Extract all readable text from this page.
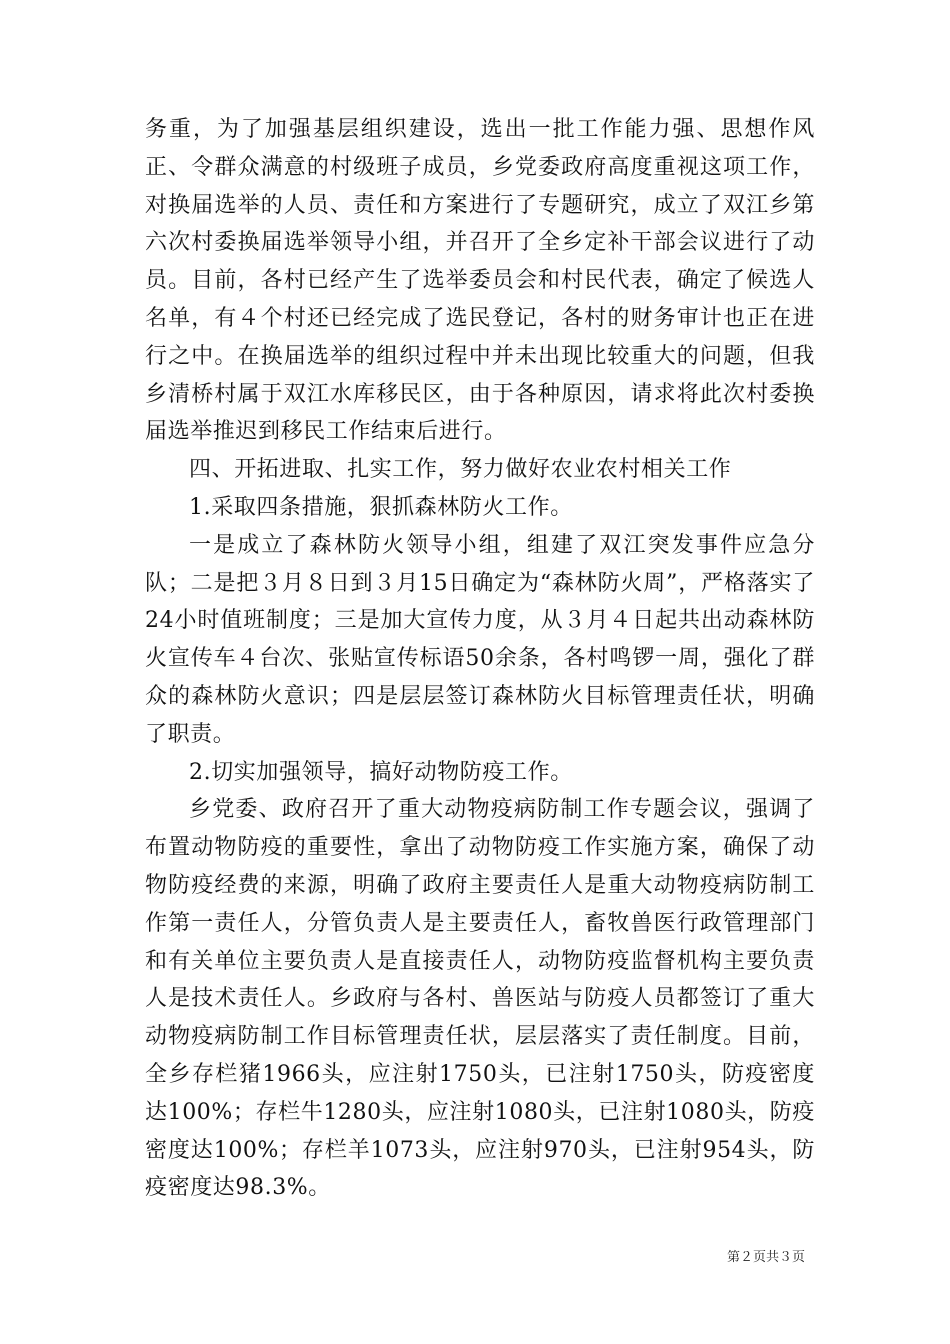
务重，为了加强基层组织建设，选出一批工作能力强、思想作风正、令群众满意的村级班子成员，乡党委政府高度重视这项工作，对换届选举的人员、责任和方案进行了专题研究，成立了双江乡第六次村委换届选举领导小组，并召开了全乡定补干部会议进行了动员。目前，各村已经产生了选举委员会和村民代表，确定了候选人名单，有４个村还已经完成了选民登记，各村的财务审计也正在进行之中。在换届选举的组织过程中并未出现比较重大的问题，但我乡清桥村属于双江水库移民区，由于各种原因，请求将此次村委换届选举推迟到移民工作结束后进行。

四、开拓进取、扎实工作，努力做好农业农村相关工作

1.采取四条措施，狠抓森林防火工作。

一是成立了森林防火领导小组，组建了双江突发事件应急分队；二是把３月８日到３月15日确定为“森林防火周”，严格落实了24小时值班制度；三是加大宣传力度，从３月４日起共出动森林防火宣传车４台次、张贴宣传标语50余条，各村鸣锣一周，强化了群众的森林防火意识；四是层层签订森林防火目标管理责任状，明确了职责。

2.切实加强领导，搞好动物防疫工作。

乡党委、政府召开了重大动物疫病防制工作专题会议，强调了布置动物防疫的重要性，拿出了动物防疫工作实施方案，确保了动物防疫经费的来源，明确了政府主要责任人是重大动物疫病防制工作第一责任人，分管负责人是主要责任人，畜牧兽医行政管理部门和有关单位主要负责人是直接责任人，动物防疫监督机构主要负责人是技术责任人。乡政府与各村、兽医站与防疫人员都签订了重大动物疫病防制工作目标管理责任状，层层落实了责任制度。目前，全乡存栏猪1966头，应注射1750头，已注射1750头，防疫密度达100%；存栏牛1280头，应注射1080头，已注射1080头，防疫密度达100%；存栏羊1073头，应注射970头，已注射954头，防疫密度达98.3%。

第２页共３页
